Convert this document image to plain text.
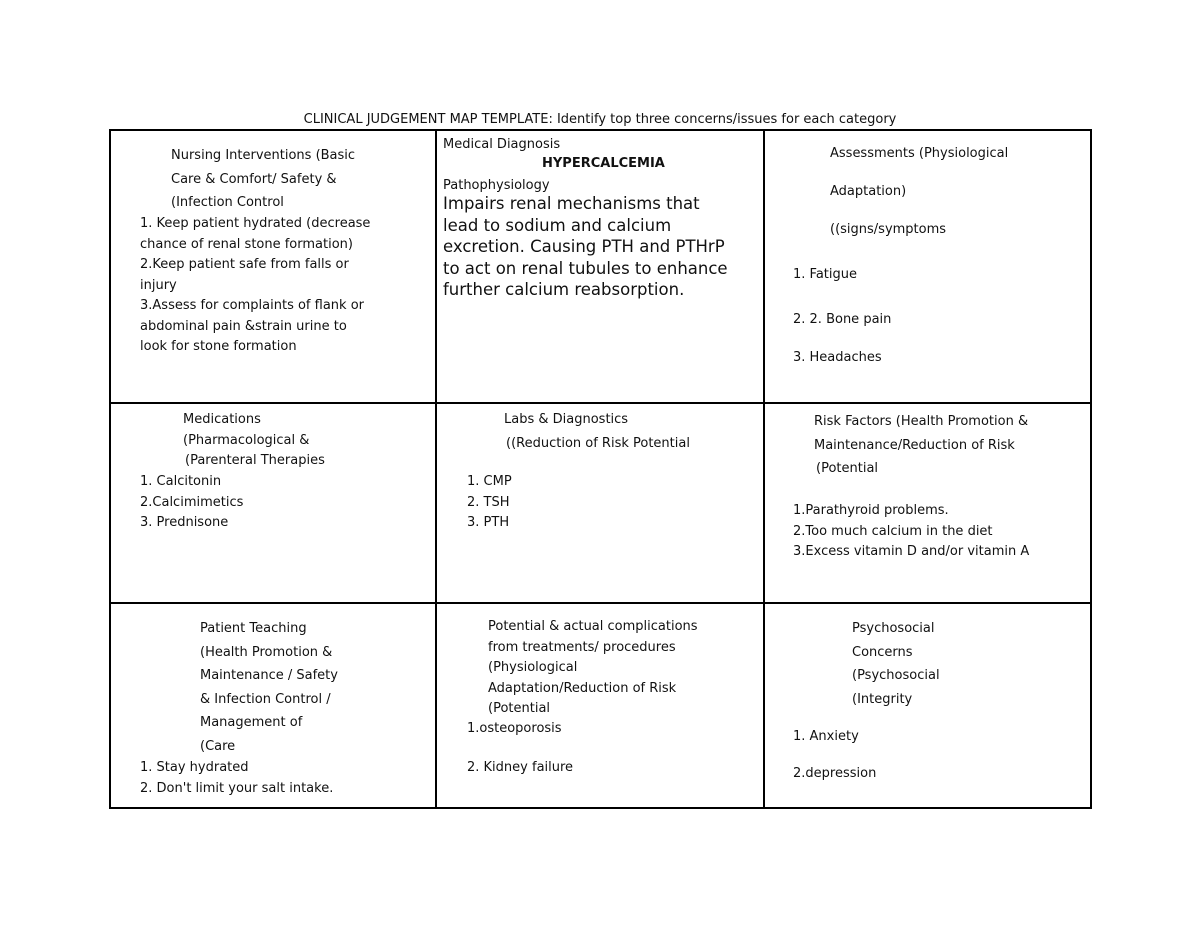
CLINICAL JUDGEMENT MAP TEMPLATE: Identify top three concerns/issues for each category
Nursing Interventions (Basic
Care & Comfort/ Safety &
(Infection Control
1. Keep patient hydrated (decrease
chance of renal stone formation)
2.Keep patient safe from falls or
injury
3.Assess for complaints of flank or
abdominal pain &strain urine to
look for stone formation
Medical Diagnosis
HYPERCALCEMIA
Pathophysiology
Impairs renal mechanisms that
lead to sodium and calcium
excretion. Causing PTH and PTHrP
to act on renal tubules to enhance
further calcium reabsorption.
Assessments (Physiological
Adaptation)
((signs/symptoms
1. Fatigue
2. 2. Bone pain
3. Headaches
Medications
(Pharmacological &
(Parenteral Therapies
1. Calcitonin
2.Calcimimetics
3. Prednisone
Labs & Diagnostics
((Reduction of Risk Potential
1. CMP
2. TSH
3. PTH
Risk Factors (Health Promotion &
Maintenance/Reduction of Risk
(Potential
1.Parathyroid problems.
2.Too much calcium in the diet
3.Excess vitamin D and/or vitamin A
Patient Teaching
(Health Promotion &
Maintenance / Safety
& Infection Control /
Management of
(Care
1. Stay hydrated
2. Don't limit your salt intake.
Potential & actual complications
from treatments/ procedures
(Physiological
Adaptation/Reduction of Risk
(Potential
1.osteoporosis
2. Kidney failure
Psychosocial
Concerns
(Psychosocial
(Integrity
1. Anxiety
2.depression
